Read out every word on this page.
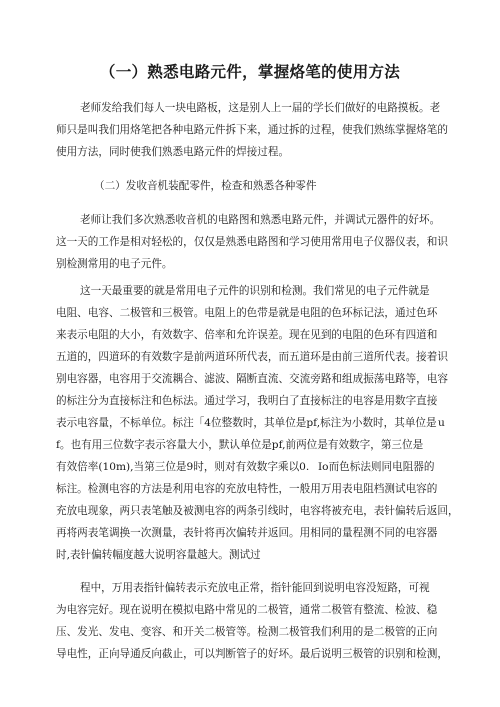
（一）熟悉电路元件，掌握烙笔的使用方法
老师发给我们每人一块电路板，这是别人上一届的学长们做好的电路摸板。老
师只是叫我们用烙笔把各种电路元件拆下来，通过拆的过程，使我们熟练掌握烙笔的
使用方法，同时使我们熟悉电路元件的焊接过程。
（二）发收音机装配零件，检查和熟悉各种零件
老师让我们多次熟悉收音机的电路图和熟悉电路元件，并调试元器件的好坏。
这一天的工作是相对轻松的，仅仅是熟悉电路图和学习使用常用电子仪器仪表，和识
别检测常用的电子元件。
这一天最重要的就是常用电子元件的识别和检测。我们常见的电子元件就是
电阻、电容、二极管和三极管。电阻上的色带是就是电阻的色环标记法，通过色环
来表示电阻的大小，有效数字、倍率和允许误差。现在见到的电阻的色环有四道和
五道的，四道环的有效数字是前两道环所代表，而五道环是由前三道所代表。接着识
别电容器，电容用于交流耦合、滤波、隔断直流、交流旁路和组成振荡电路等，电容
的标注分为直接标注和色标法。通过学习，我明白了直接标注的电容是用数字直接
表示电容量，不标单位。标注「4位整数时，其单位是pf,标注为小数时，其单位是 u
f。也有用三位数字表示容量大小，默认单位是pf,前两位是有效数字，第三位是
有效倍率(10m),当第三位是9时，则对有效数字乘以0. Io而色标法则同电阻器的
标注。检测电容的方法是利用电容的充放电特性，一般用万用表电阻档测试电容的
充放电现象，两只表笔触及被测电容的两条引线时，电容将被充电，表针偏转后返回，
再将两表笔调换一次测量，表针将再次偏转并返回。用相同的量程测不同的电容器
时,表针偏转幅度越大说明容量越大。测试过
程中，万用表指针偏转表示充放电正常，指针能回到说明电容没短路，可视
为电容完好。现在说明在模拟电路中常见的二极管，通常二极管有整流、检波、稳
压、发光、发电、变容、和开关二极管等。检测二极管我们利用的是二极管的正向
导电性，正向导通反向截止，可以判断管子的好坏。最后说明三极管的识别和检测，
